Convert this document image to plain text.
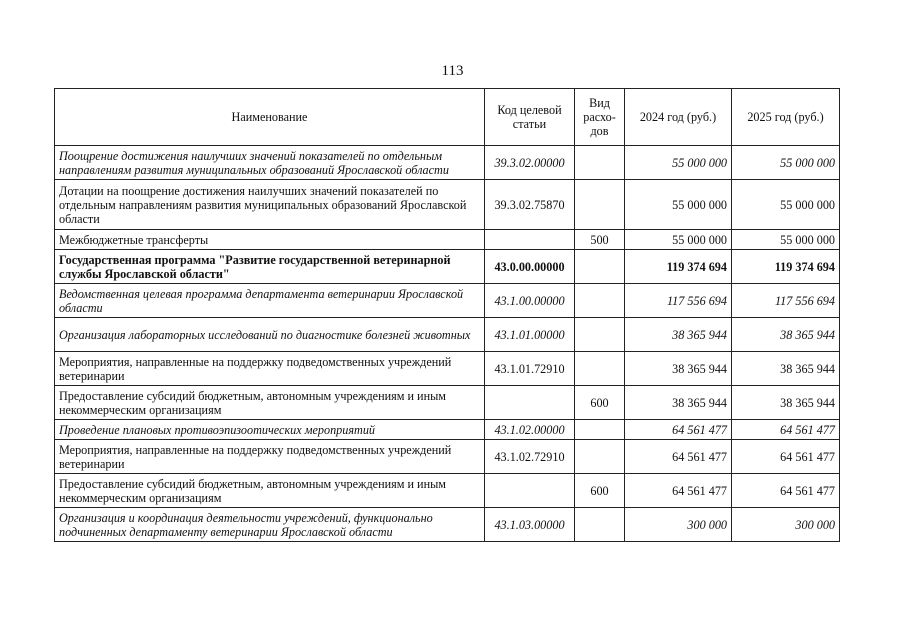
113
Наименование	Код целевой статьи	Вид расхо-дов	2024 год (руб.)	2025 год (руб.)
Поощрение достижения наилучших значений показателей по отдельным направлениям развития муниципальных образований Ярославской области	39.3.02.00000		55 000 000	55 000 000
Дотации на поощрение достижения наилучших значений показателей по отдельным направлениям развития муниципальных образований Ярославской области	39.3.02.75870		55 000 000	55 000 000
Межбюджетные трансферты		500	55 000 000	55 000 000
Государственная программа "Развитие государственной ветеринарной службы Ярославской области"	43.0.00.00000		119 374 694	119 374 694
Ведомственная целевая программа департамента ветеринарии Ярославской области	43.1.00.00000		117 556 694	117 556 694
Организация лабораторных исследований по диагностике болезней животных	43.1.01.00000		38 365 944	38 365 944
Мероприятия, направленные на поддержку подведомственных учреждений ветеринарии	43.1.01.72910		38 365 944	38 365 944
Предоставление субсидий бюджетным, автономным учреждениям и иным некоммерческим организациям		600	38 365 944	38 365 944
Проведение плановых противоэпизоотических мероприятий	43.1.02.00000		64 561 477	64 561 477
Мероприятия, направленные на поддержку подведомственных учреждений ветеринарии	43.1.02.72910		64 561 477	64 561 477
Предоставление субсидий бюджетным, автономным учреждениям и иным некоммерческим организациям		600	64 561 477	64 561 477
Организация и координация деятельности учреждений, функционально подчиненных департаменту ветеринарии Ярославской области	43.1.03.00000		300 000	300 000
